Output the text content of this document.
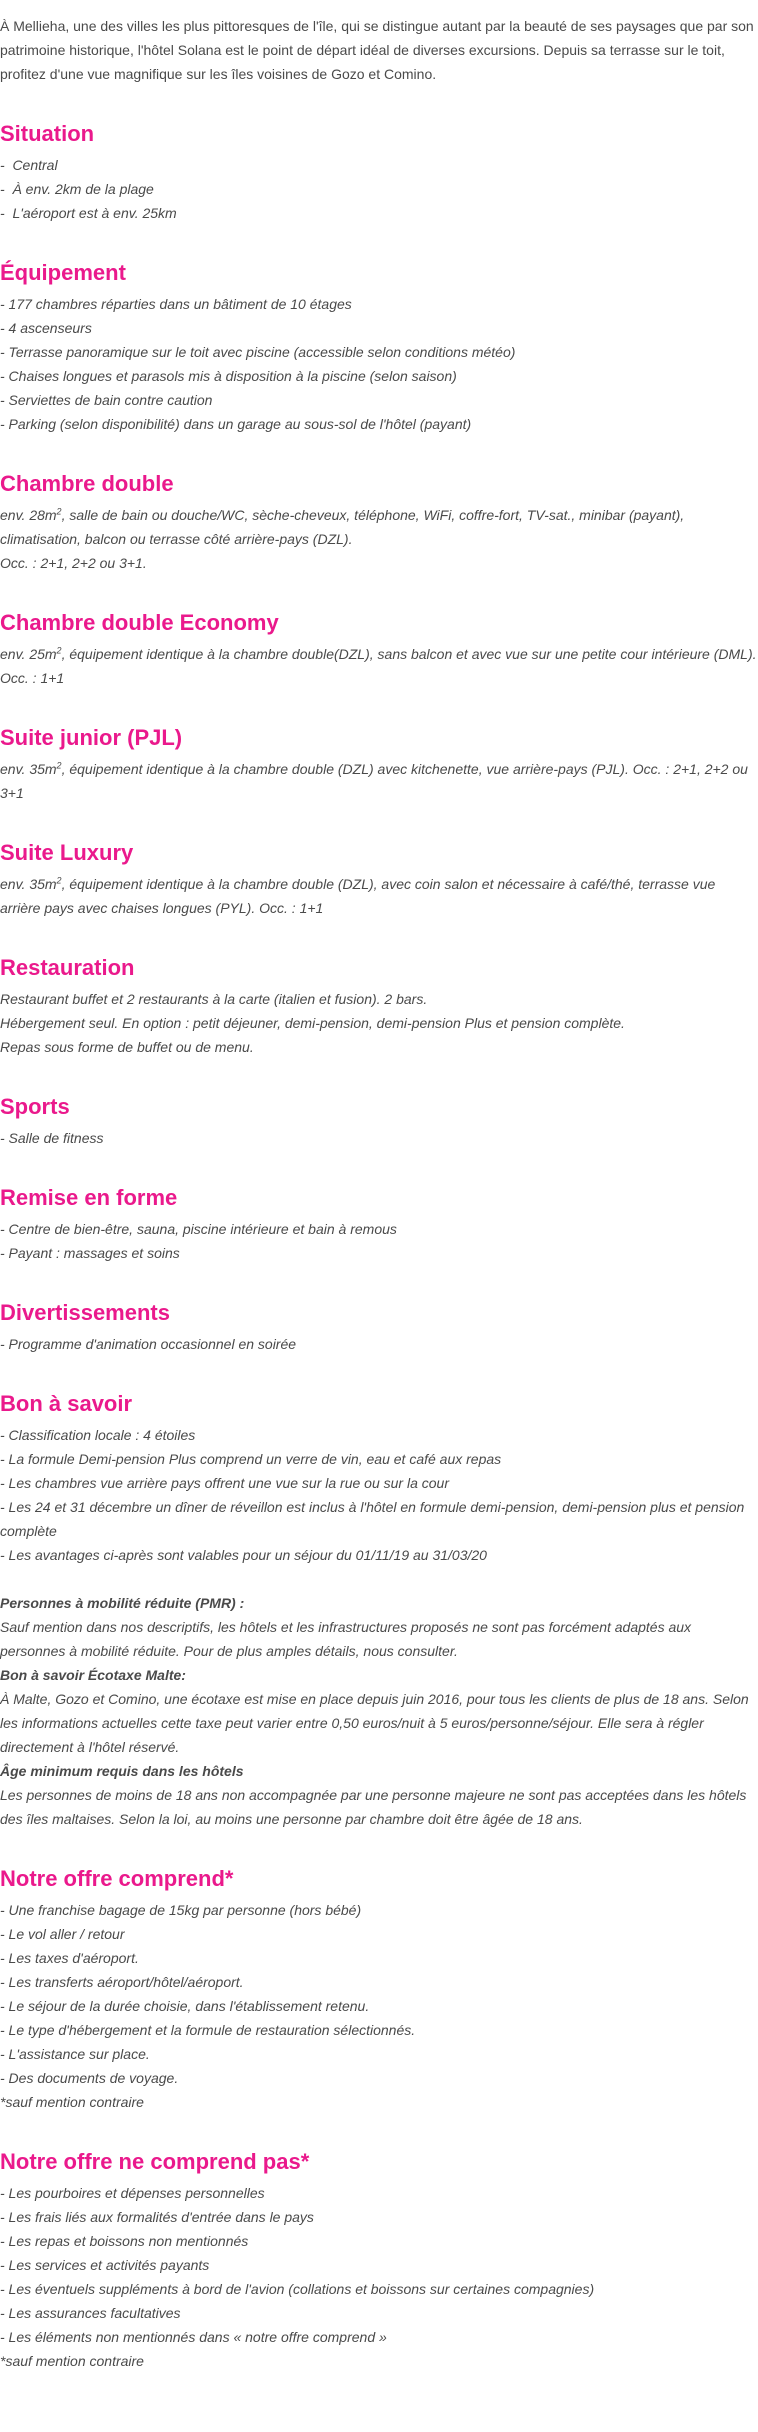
À Mellieha, une des villes les plus pittoresques de l'île, qui se distingue autant par la beauté de ses paysages que par son patrimoine historique, l'hôtel Solana est le point de départ idéal de diverses excursions. Depuis sa terrasse sur le toit, profitez d'une vue magnifique sur les îles voisines de Gozo et Comino.

Situation
-  Central
-  À env. 2km de la plage
-  L'aéroport est à env. 25km
Équipement
- 177 chambres réparties dans un bâtiment de 10 étages
- 4 ascenseurs
- Terrasse panoramique sur le toit avec piscine (accessible selon conditions météo)
- Chaises longues et parasols mis à disposition à la piscine (selon saison)
- Serviettes de bain contre caution
- Parking (selon disponibilité) dans un garage au sous-sol de l'hôtel (payant)
Chambre double

env. $28m^2$, salle de bain ou douche/WC, sèche-cheveux, téléphone, WiFi, coffre-fort, TV-sat., minibar (payant), climatisation, balcon ou terrasse côté arrière-pays (DZL).

Occ. : 2+1, 2+2 ou 3+1.

Chambre double Economy

env. $25m^2$, équipement identique à la chambre double(DZL), sans balcon et avec vue sur une petite cour intérieure (DML). Occ. : 1+1

Suite junior (PJL)

env. $35m^2$, équipement identique à la chambre double (DZL) avec kitchenette, vue arrière-pays (PJL). Occ. : 2+1, 2+2 ou 3+1

Suite Luxury

env. $35m^2$, équipement identique à la chambre double (DZL), avec coin salon et nécessaire à café/thé, terrasse vue arrière pays avec chaises longues (PYL). Occ. : 1+1

Restauration

Restaurant buffet et 2 restaurants à la carte (italien et fusion). 2 bars.

Hébergement seul. En option : petit déjeuner, demi-pension, demi-pension Plus et pension complète.

Repas sous forme de buffet ou de menu.

Sports
- Salle de fitness
Remise en forme
- Centre de bien-être, sauna, piscine intérieure et bain à remous
- Payant : massages et soins
Divertissements
- Programme d'animation occasionnel en soirée
Bon à savoir
- Classification locale : 4 étoiles
- La formule Demi-pension Plus comprend un verre de vin, eau et café aux repas
- Les chambres vue arrière pays offrent une vue sur la rue ou sur la cour
- Les 24 et 31 décembre un dîner de réveillon est inclus à l'hôtel en formule demi-pension, demi-pension plus et pension complète
- Les avantages ci-après sont valables pour un séjour du 01/11/19 au 31/03/20

Personnes à mobilité réduite (PMR) :

Sauf mention dans nos descriptifs, les hôtels et les infrastructures proposés ne sont pas forcément adaptés aux personnes à mobilité réduite. Pour de plus amples détails, nous consulter.

Bon à savoir Écotaxe Malte:

À Malte, Gozo et Comino, une écotaxe est mise en place depuis juin 2016, pour tous les clients de plus de 18 ans. Selon les informations actuelles cette taxe peut varier entre 0,50 euros/nuit à 5 euros/personne/séjour. Elle sera à régler directement à l'hôtel réservé.

Âge minimum requis dans les hôtels

Les personnes de moins de 18 ans non accompagnée par une personne majeure ne sont pas acceptées dans les hôtels des îles maltaises. Selon la loi, au moins une personne par chambre doit être âgée de 18 ans.

Notre offre comprend*
- Une franchise bagage de 15kg par personne (hors bébé)
- Le vol aller / retour
- Les taxes d'aéroport.
- Les transferts aéroport/hôtel/aéroport.
- Le séjour de la durée choisie, dans l'établissement retenu.
- Le type d'hébergement et la formule de restauration sélectionnés.
- L'assistance sur place.
- Des documents de voyage.

*sauf mention contraire

Notre offre ne comprend pas*
- Les pourboires et dépenses personnelles
- Les frais liés aux formalités d'entrée dans le pays
- Les repas et boissons non mentionnés
- Les services et activités payants
- Les éventuels suppléments à bord de l'avion (collations et boissons sur certaines compagnies)
- Les assurances facultatives
- Les éléments non mentionnés dans « notre offre comprend »

*sauf mention contraire
